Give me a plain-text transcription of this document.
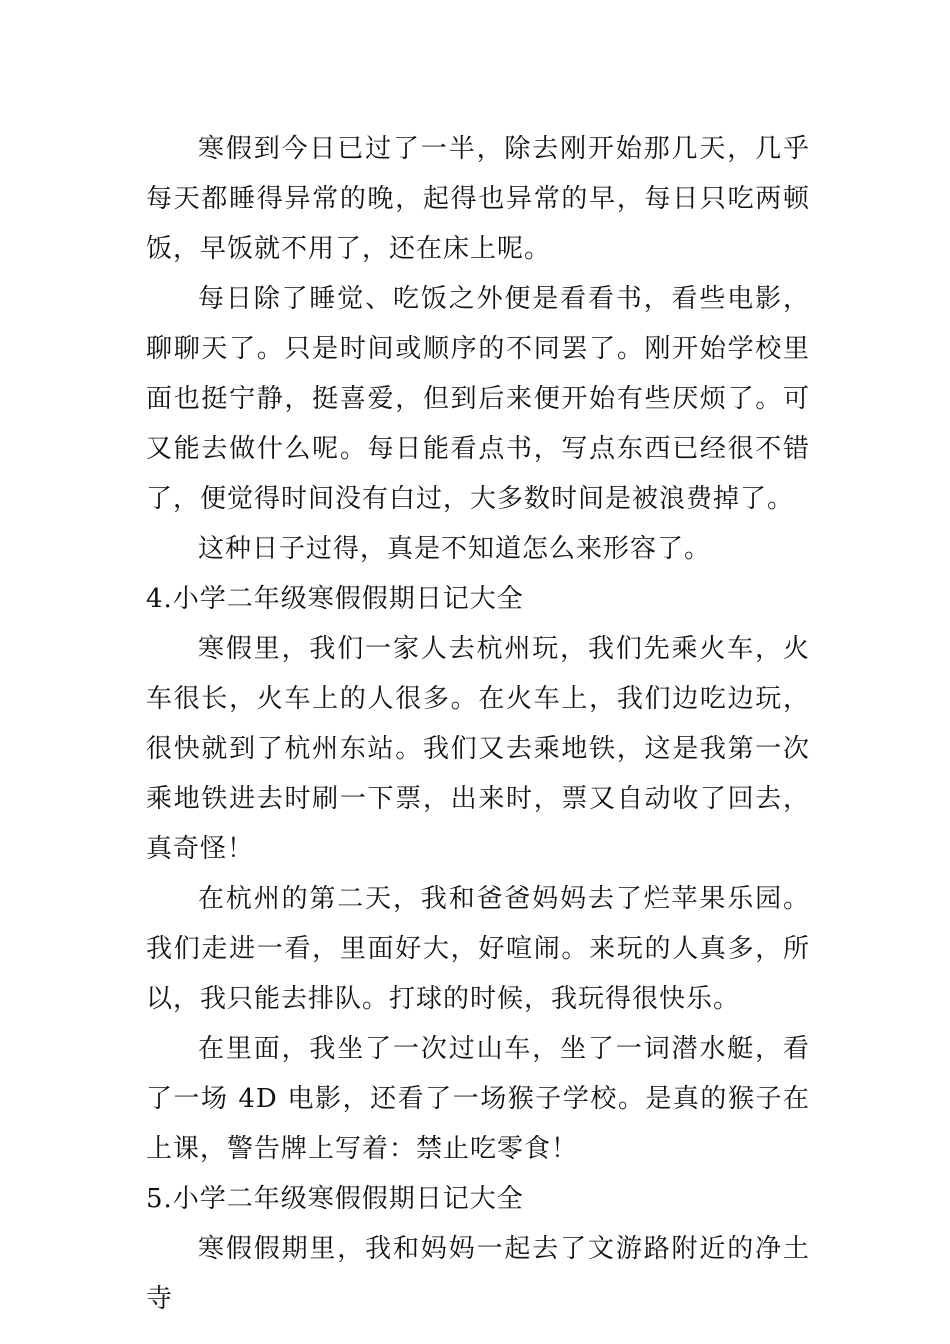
寒假到今日已过了一半，除去刚开始那几天，几乎每天都睡得异常的晚，起得也异常的早，每日只吃两顿饭，早饭就不用了，还在床上呢。

每日除了睡觉、吃饭之外便是看看书，看些电影，聊聊天了。只是时间或顺序的不同罢了。刚开始学校里面也挺宁静，挺喜爱，但到后来便开始有些厌烦了。可又能去做什么呢。每日能看点书，写点东西已经很不错了，便觉得时间没有白过，大多数时间是被浪费掉了。

这种日子过得，真是不知道怎么来形容了。

4.小学二年级寒假假期日记大全

寒假里，我们一家人去杭州玩，我们先乘火车，火车很长，火车上的人很多。在火车上，我们边吃边玩，很快就到了杭州东站。我们又去乘地铁，这是我第一次乘地铁进去时刷一下票，出来时，票又自动收了回去，真奇怪！

在杭州的第二天，我和爸爸妈妈去了烂苹果乐园。我们走进一看，里面好大，好喧闹。来玩的人真多，所以，我只能去排队。打球的时候，我玩得很快乐。

在里面，我坐了一次过山车，坐了一词潜水艇，看了一场 4D 电影，还看了一场猴子学校。是真的猴子在上课，警告牌上写着：禁止吃零食！

5.小学二年级寒假假期日记大全

寒假假期里，我和妈妈一起去了文游路附近的净土寺
